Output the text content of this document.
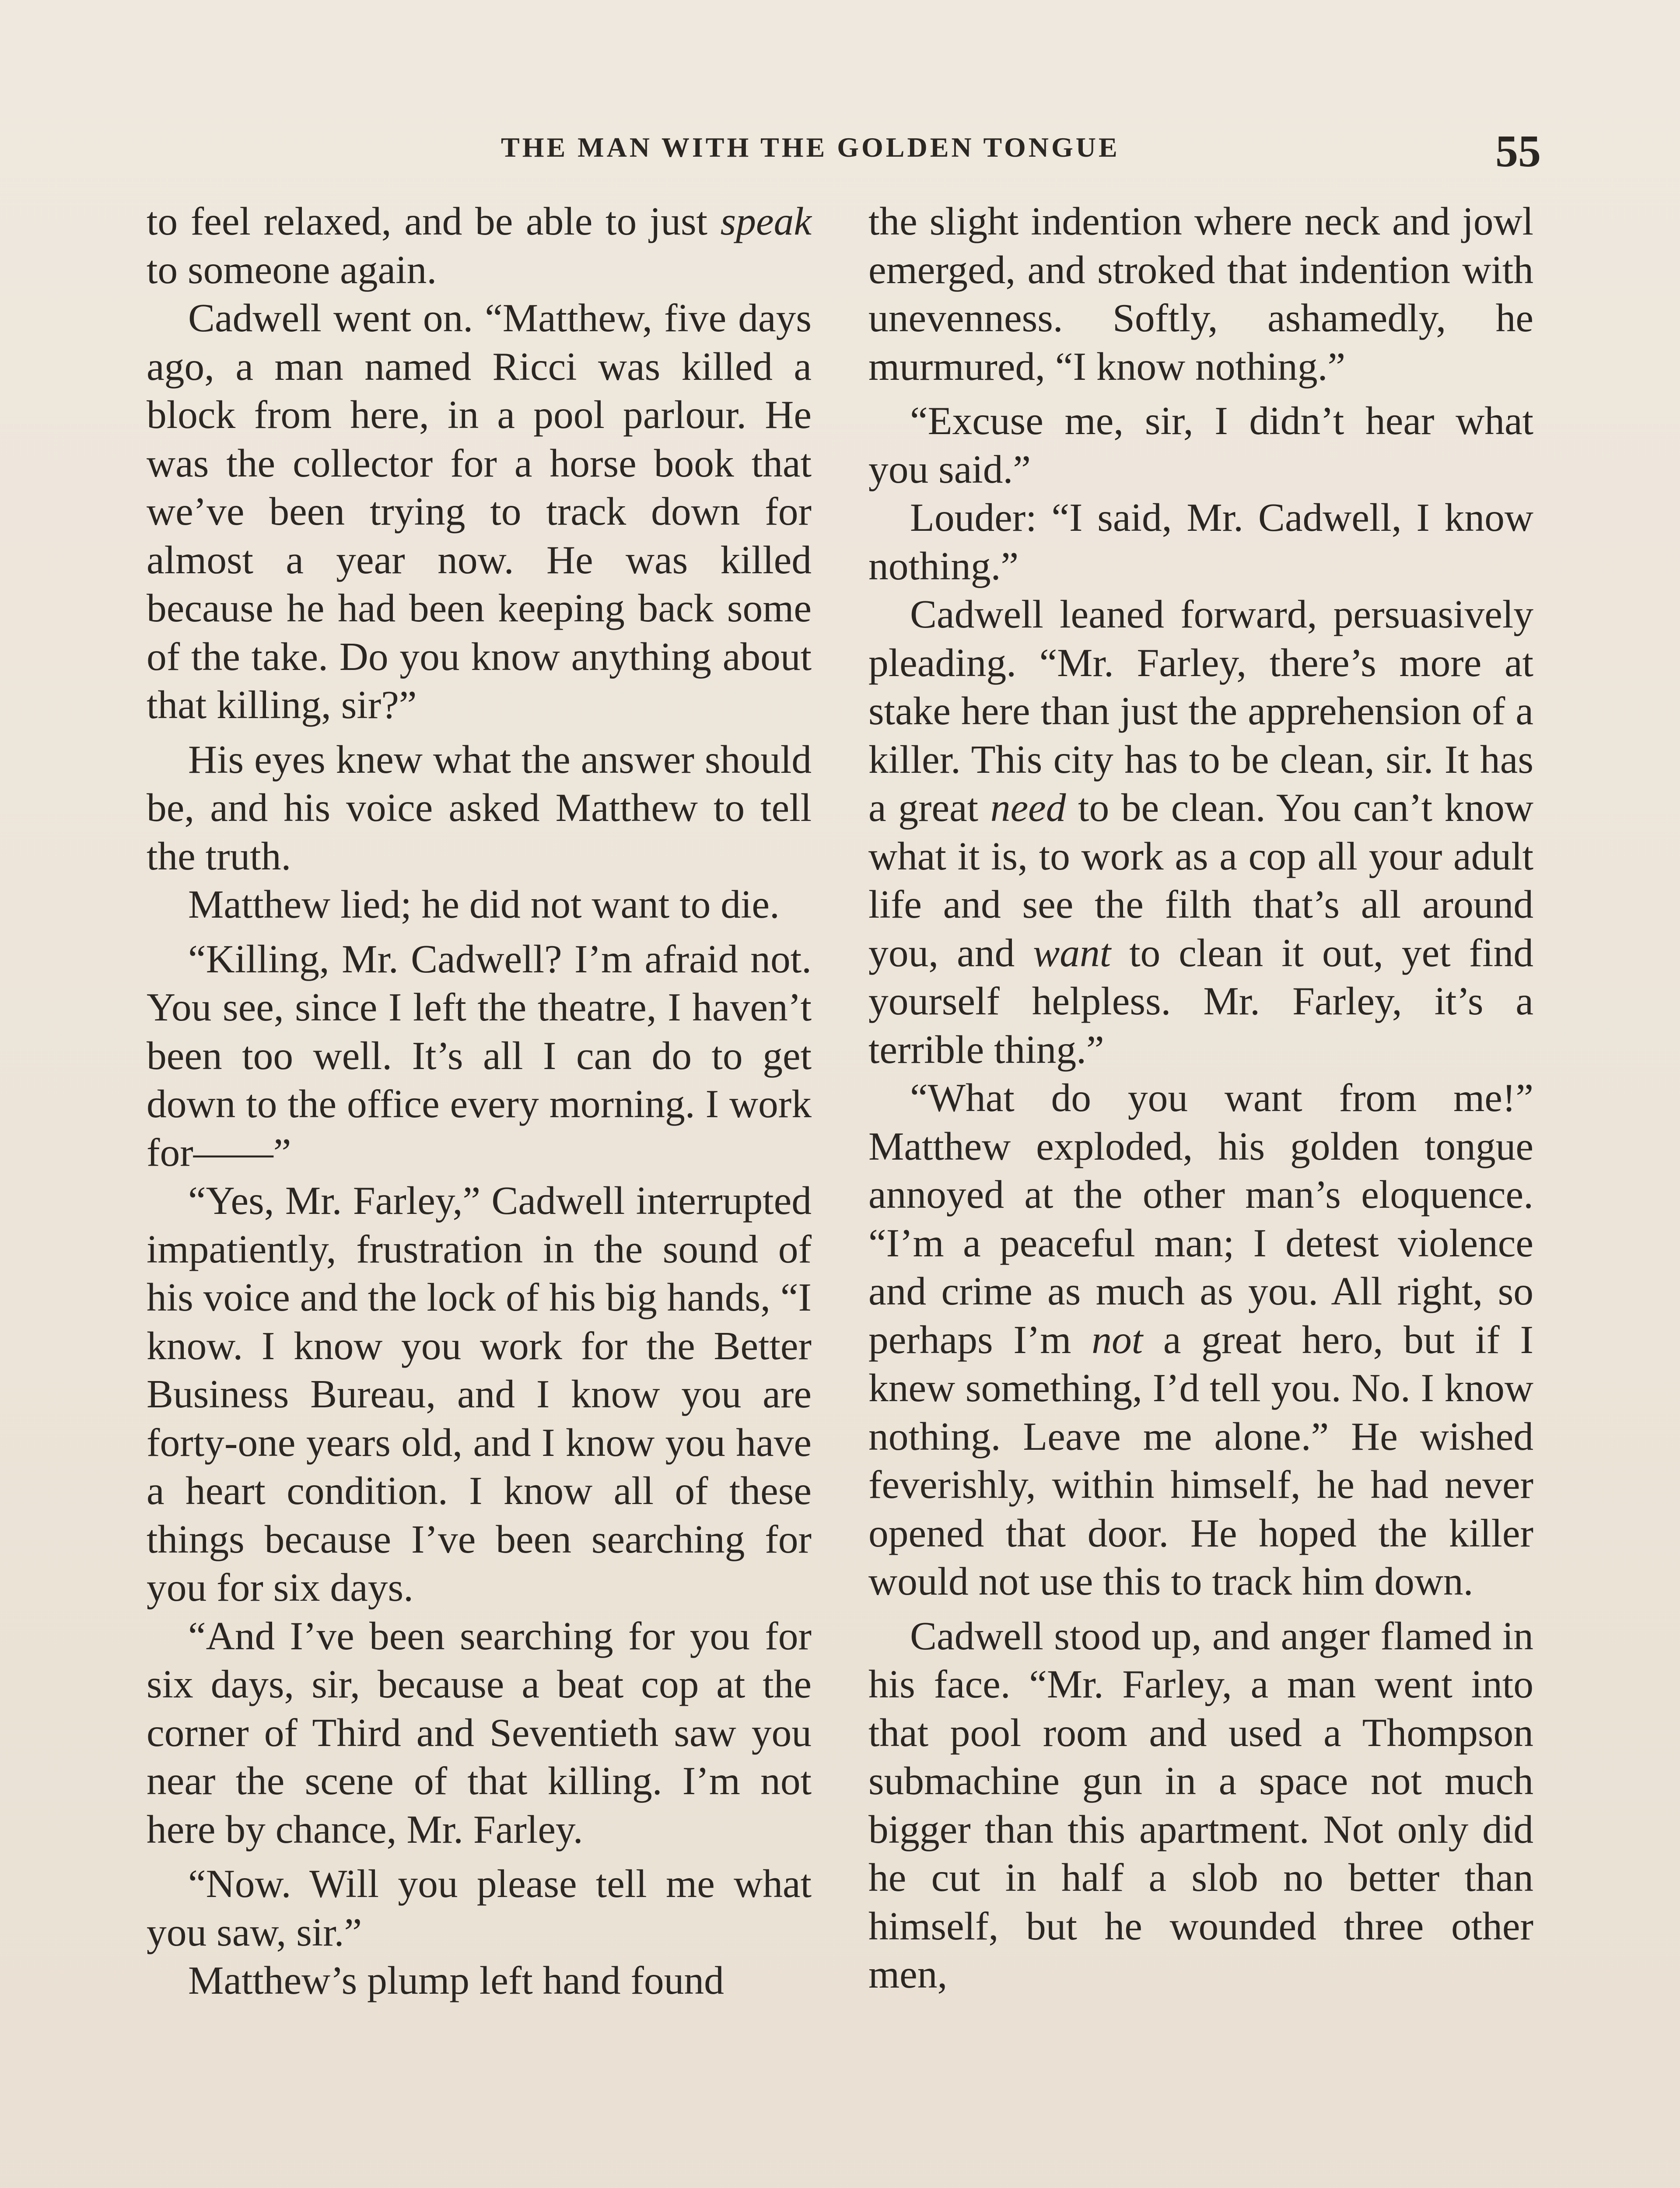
THE MAN WITH THE GOLDEN TONGUE	55

to feel relaxed, and be able to just speak to someone again.

Cadwell went on. “Matthew, five days ago, a man named Ricci was killed a block from here, in a pool parlour. He was the collector for a horse book that we’ve been trying to track down for almost a year now. He was killed because he had been keeping back some of the take. Do you know anything about that killing, sir?”

His eyes knew what the answer should be, and his voice asked Matthew to tell the truth.

Matthew lied; he did not want to die.

“Killing, Mr. Cadwell? I’m afraid not. You see, since I left the theatre, I haven’t been too well. It’s all I can do to get down to the office every morning. I work for——”

“Yes, Mr. Farley,” Cadwell interrupted impatiently, frustration in the sound of his voice and the lock of his big hands, “I know. I know you work for the Better Business Bureau, and I know you are forty-one years old, and I know you have a heart condition. I know all of these things because I’ve been searching for you for six days.

“And I’ve been searching for you for six days, sir, because a beat cop at the corner of Third and Seventieth saw you near the scene of that killing. I’m not here by chance, Mr. Farley.

“Now. Will you please tell me what you saw, sir.”

Matthew’s plump left hand found

the slight indention where neck and jowl emerged, and stroked that indention with unevenness. Softly, ashamedly, he murmured, “I know nothing.”

“Excuse me, sir, I didn’t hear what you said.”

Louder: “I said, Mr. Cadwell, I know nothing.”

Cadwell leaned forward, persuasively pleading. “Mr. Farley, there’s more at stake here than just the apprehension of a killer. This city has to be clean, sir. It has a great need to be clean. You can’t know what it is, to work as a cop all your adult life and see the filth that’s all around you, and want to clean it out, yet find yourself helpless. Mr. Farley, it’s a terrible thing.”

“What do you want from me!” Matthew exploded, his golden tongue annoyed at the other man’s eloquence. “I’m a peaceful man; I detest violence and crime as much as you. All right, so perhaps I’m not a great hero, but if I knew something, I’d tell you. No. I know nothing. Leave me alone.” He wished feverishly, within himself, he had never opened that door. He hoped the killer would not use this to track him down.

Cadwell stood up, and anger flamed in his face. “Mr. Farley, a man went into that pool room and used a Thompson submachine gun in a space not much bigger than this apartment. Not only did he cut in half a slob no better than himself, but he wounded three other men,
